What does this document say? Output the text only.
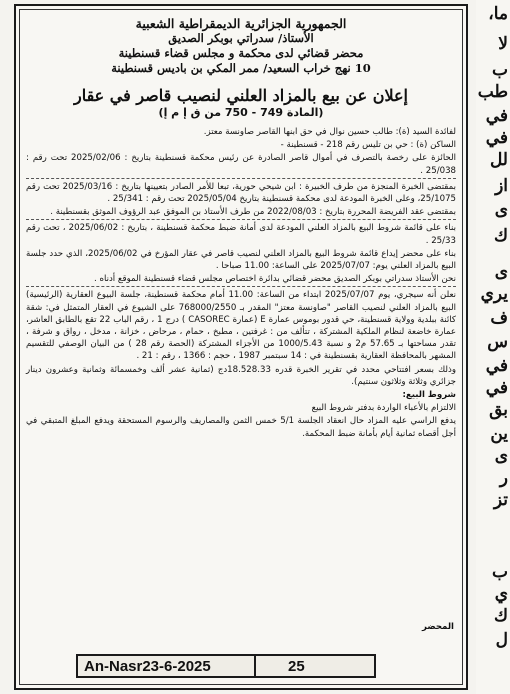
ما،
لا
ب
طب
في
في
لل
از
ى
ك
ى
يري
ف
س
في
في
بق
ين
ى
ر
تز
ب
ي
ك
ل
الجمهورية الجزائرية الديمقراطية الشعبية
الأستاذ/ سدراتي بوبكر الصديق
محضر قضائي لدى محكمة و مجلس قضاء قسنطينة
10 نهج خراب السعيد/ ممر المكي بن باديس قسنطينة
إعلان عن بيع بالمزاد العلني لنصيب قاصر في عقار
(المادة 749 - 750 من ق إ م إ)

لفائدة السيد (ة): طالب حسين نوال في حق ابنها القاصر صاونسة معتز.

الساكن (ة) : حي بن تليس رقم 218 - قسنطينة -

الحائزة على رخصة بالتصرف في أموال قاصر الصادرة عن رئيس محكمة قسنطينة بتاريخ : 2025/02/06 تحت رقم : 25/038 .

بمقتضى الخبرة المنجزة من طرف الخبيرة : ابن شيحي حورية، تبعا للأمر الصادر بتعيينها بتاريخ : 2025/03/16 تحت رقم 25/1075، وعلى الخبرة المودعة لدى محكمة قسنطينة بتاريخ 2025/05/04 تحت رقم : 25/341 .

بمقتضى عقد الفريضة المحررة بتاريخ : 2022/08/03 من طرف الأستاذ بن الموفق عبد الرؤوف الموثق بقسنطينة .

بناء على قائمة شروط البيع بالمزاد العلني المودعة لدى أمانة ضبط محكمة قسنطينة ، بتاريخ : 2025/06/02 ، تحت رقم 25/33 .

بناء على محضر إيداع قائمة شروط البيع بالمزاد العلني لنصيب قاصر في عقار المؤرخ في 2025/06/02، الذي حدد جلسة البيع بالمزاد العلني يوم: 2025/07/07 على الساعة: 11.00 صباحا .

نحن الأستاذ سدراتي بوبكر الصديق محضر قضائي بدائرة اختصاص مجلس قضاء قسنطينة الموقع أدناه .

نعلن أنه سيجري، يوم 2025/07/07 ابتداء من الساعة: 11.00 أمام محكمة قسنطينة، جلسة البيوع العقارية (الرئيسية) البيع بالمزاد العلني لنصيب القاصر "صاونسة معتز" المقدر بـ 768000/2550 على الشيوع في العقار المتمثل في: شقة كائنة ببلدية وولاية قسنطينة، حي قدور بوموس عمارة E (عمارة CASOREC ) درج 1 ، رقم الباب 22 تقع بالطابق العاشر، عمارة خاضعة لنظام الملكية المشتركة ، تتألف من : غرفتين ، مطبخ ، حمام ، مرحاض ، خزانة ، مدخل ، رواق و شرفة ، تقدر مساحتها بـ 57.65 م2 و نسبة 1000/5.43 من الأجزاء المشتركة (الحصة رقم 28 ) من البيان الوصفي للتقسيم المشهر بالمحافظة العقارية بقسنطينة في : 14 سبتمبر 1987 ، حجم : 1366 ، رقم : 21 .

وذلك بسعر افتتاحي محدد في تقرير الخبرة قدره 18.528.33دج (ثمانية عشر ألف وخمسمائة وثمانية وعشرون دينار جزائري وثلاثة وثلاثون سنتيم).

شروط البيع:

الالتزام بالأعباء الواردة بدفتر شروط البيع

يدفع الراسي عليه المزاد حال انعقاد الجلسة 5/1 خمس الثمن والمصاريف والرسوم المستحقة ويدفع المبلغ المتبقي في أجل أقصاه ثمانية أيام بأمانة ضبط المحكمة.

المحضر
An-Nasr23-6-2025	25
